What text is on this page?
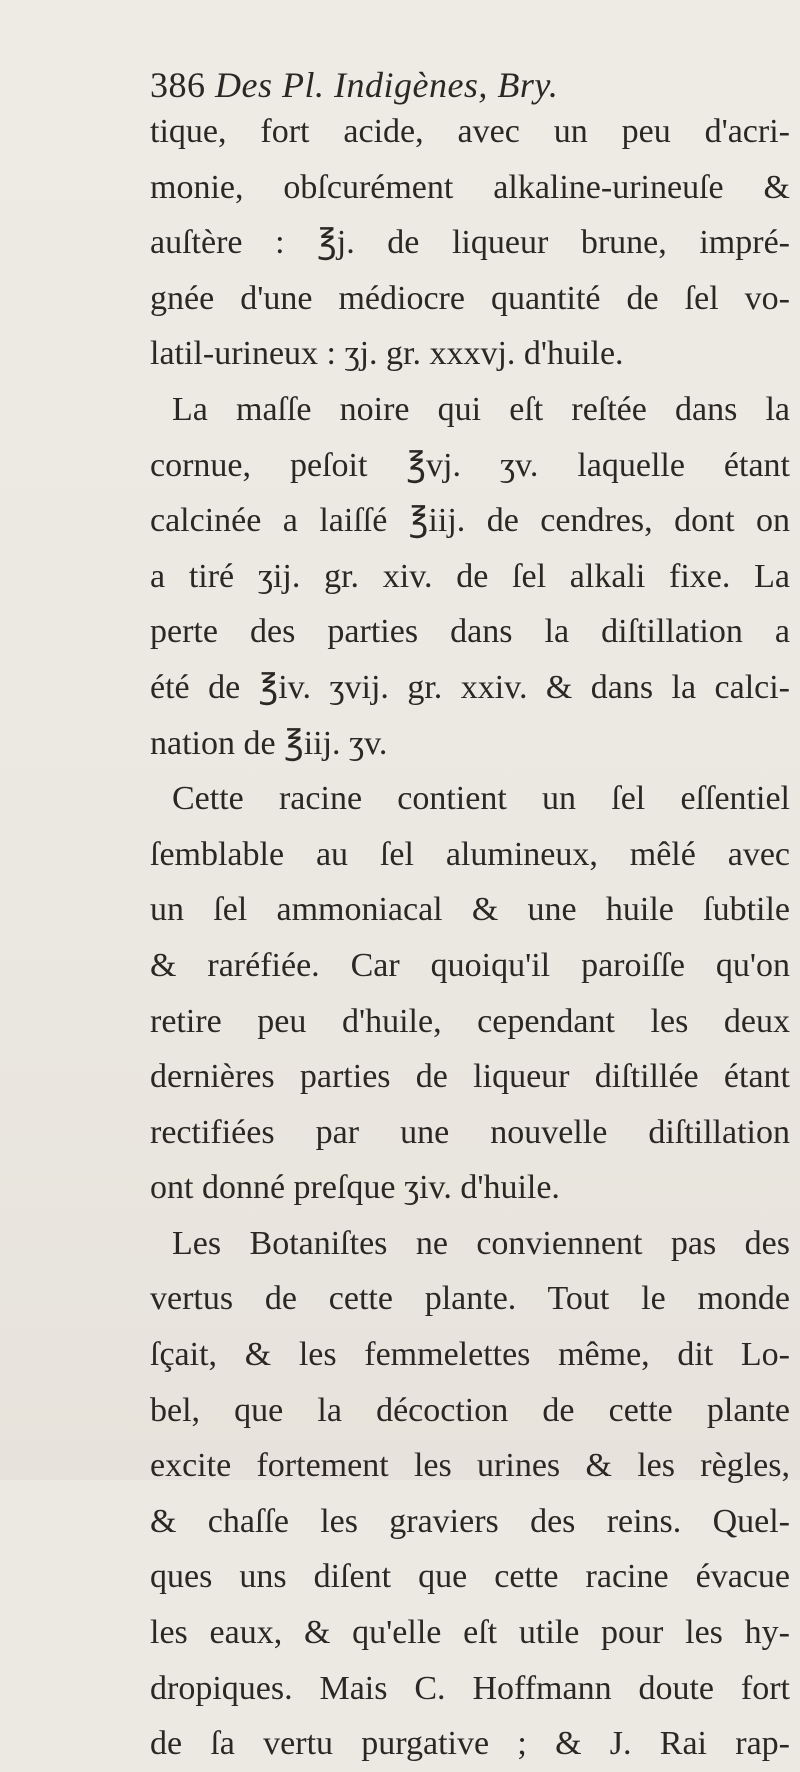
386 Des Pl. Indigènes, Bry.
tique, fort acide, avec un peu d'acri-
monie, obſcurément alkaline-urineuſe &
auſtère : ℥j. de liqueur brune, impré-
gnée d'une médiocre quantité de ſel vo-
latil-urineux : ʒj. gr. xxxvj. d'huile.
La maſſe noire qui eſt reſtée dans la
cornue, peſoit ℥vj. ʒv. laquelle étant
calcinée a laiſſé ℥iij. de cendres, dont on
a tiré ʒij. gr. xiv. de ſel alkali fixe. La
perte des parties dans la diſtillation a
été de ℥iv. ʒvij. gr. xxiv. & dans la calci-
nation de ℥iij. ʒv.
Cette racine contient un ſel eſſentiel
ſemblable au ſel alumineux, mêlé avec
un ſel ammoniacal & une huile ſubtile
& raréfiée. Car quoiqu'il paroiſſe qu'on
retire peu d'huile, cependant les deux
dernières parties de liqueur diſtillée étant
rectifiées par une nouvelle diſtillation
ont donné preſque ʒiv. d'huile.
Les Botaniſtes ne conviennent pas des
vertus de cette plante. Tout le monde
ſçait, & les femmelettes même, dit Lo-
bel, que la décoction de cette plante
excite fortement les urines & les règles,
& chaſſe les graviers des reins. Quel-
ques uns diſent que cette racine évacue
les eaux, & qu'elle eſt utile pour les hy-
dropiques. Mais C. Hoffmann doute fort
de ſa vertu purgative ; & J. Rai rap-
